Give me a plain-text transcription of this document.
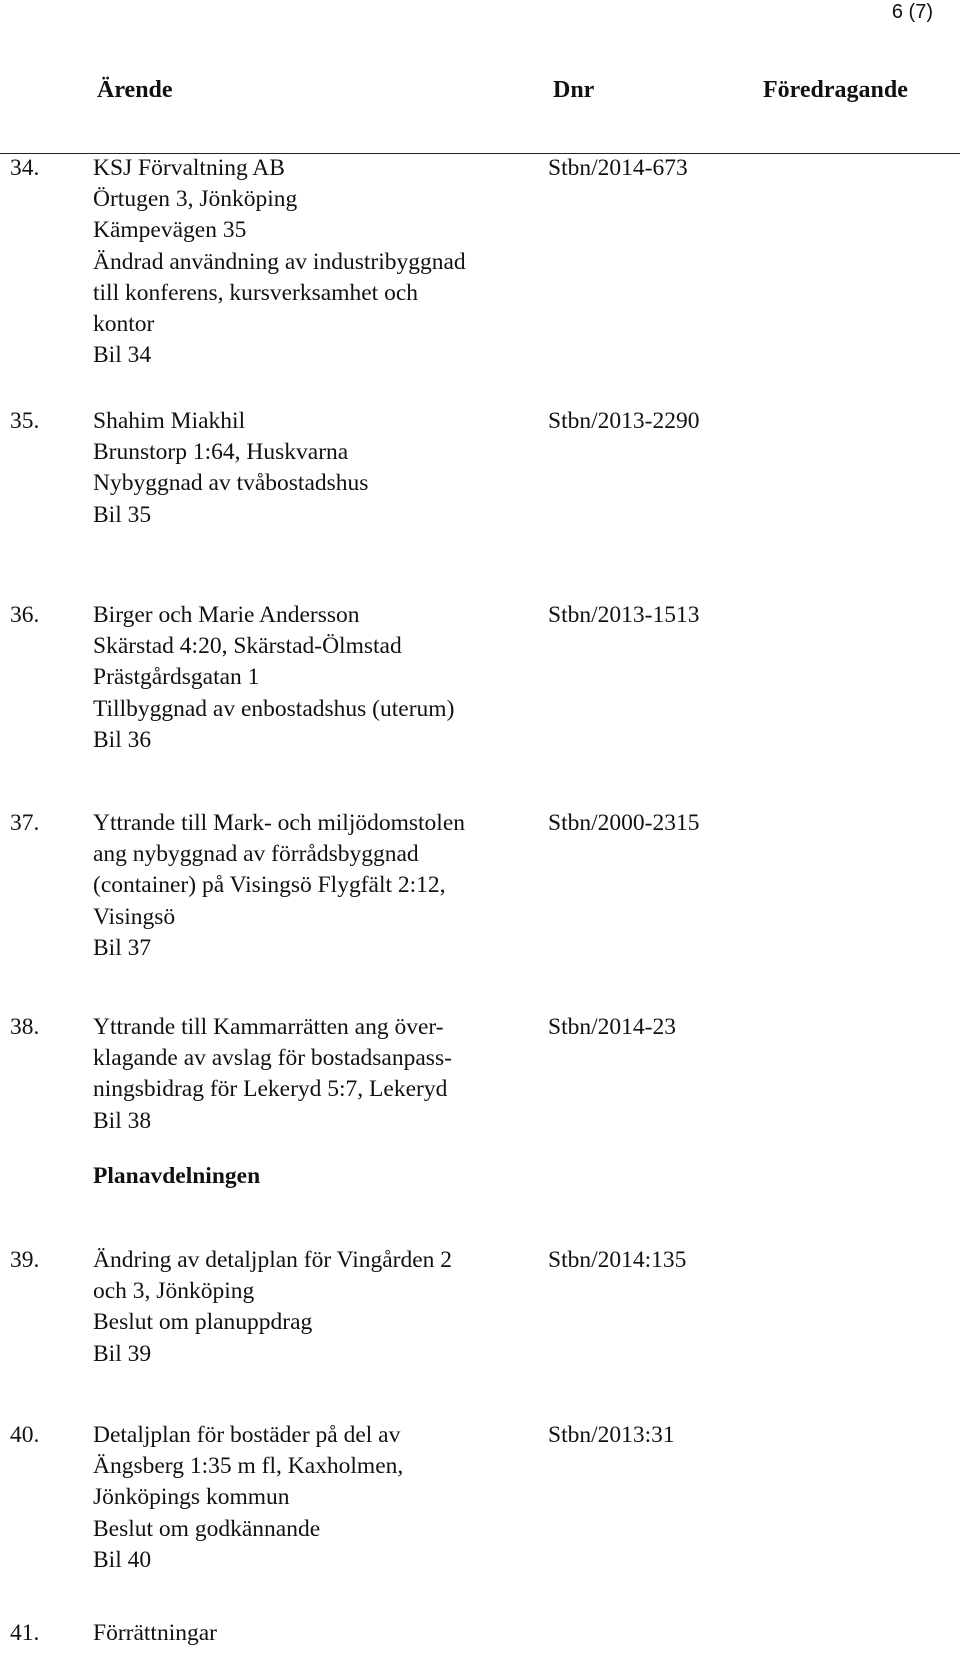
6 (7)
Ärende	Dnr	Föredragande
34. KSJ Förvaltning AB
Örtugen 3, Jönköping
Kämpevägen 35
Ändrad användning av industribyggnad
till konferens, kursverksamhet och
kontor
Bil 34
Stbn/2014-673
35. Shahim Miakhil
Brunstorp 1:64, Huskvarna
Nybyggnad av tvåbostadshus
Bil 35
Stbn/2013-2290
36. Birger och Marie Andersson
Skärstad 4:20, Skärstad-Ölmstad
Prästgårdsgatan 1
Tillbyggnad av enbostadshus (uterum)
Bil 36
Stbn/2013-1513
37. Yttrande till Mark- och miljödomstolen
ang nybyggnad av förrådsbyggnad
(container) på Visingsö Flygfält 2:12,
Visingsö
Bil 37
Stbn/2000-2315
38. Yttrande till Kammarrätten ang över-
klagande av avslag för bostadsanpass-
ningsbidrag för Lekeryd 5:7, Lekeryd
Bil 38
Stbn/2014-23
Planavdelningen
39. Ändring av detaljplan för Vingården 2
och 3, Jönköping
Beslut om planuppdrag
Bil 39
Stbn/2014:135
40. Detaljplan för bostäder på del av
Ängsberg 1:35 m fl, Kaxholmen,
Jönköpings kommun
Beslut om godkännande
Bil 40
Stbn/2013:31
41. Förrättningar
